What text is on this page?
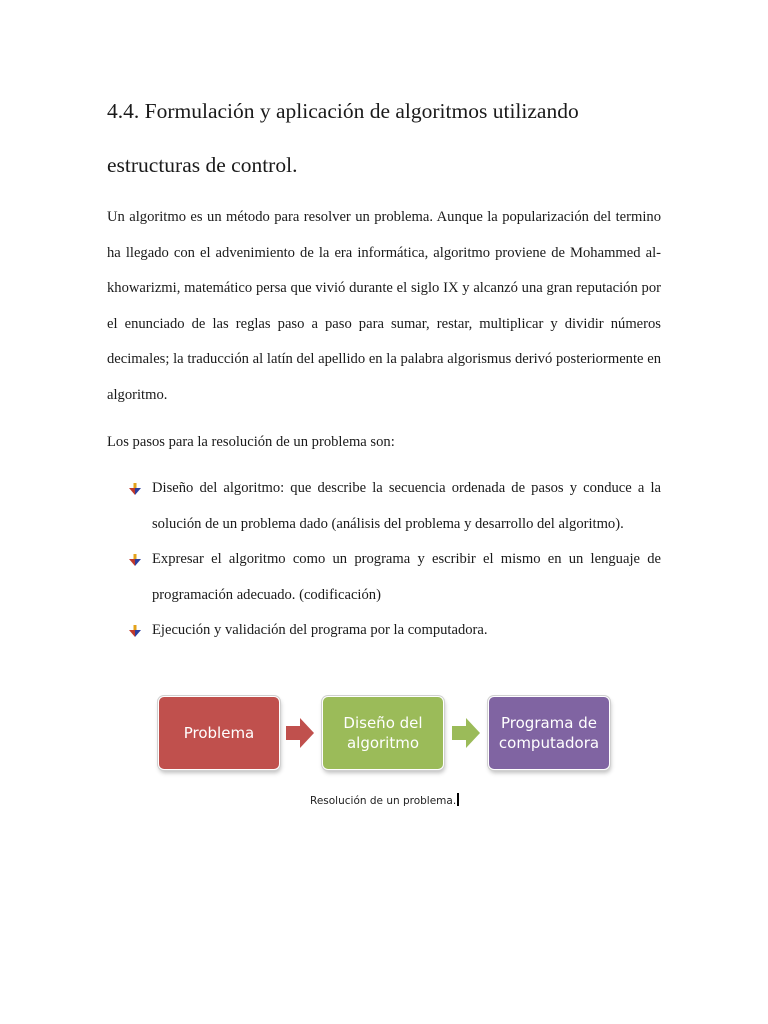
4.4. Formulación y aplicación de algoritmos utilizando estructuras de control.

Un algoritmo es un método para resolver un problema. Aunque la popularización del termino ha llegado con el advenimiento de la era informática, algoritmo proviene de Mohammed al-khowarizmi, matemático persa que vivió durante el siglo IX y alcanzó una gran reputación por el enunciado de las reglas paso a paso para sumar, restar, multiplicar y dividir números decimales; la traducción al latín del apellido en la palabra algorismus derivó posteriormente en algoritmo.

Los pasos para la resolución de un problema son:

Diseño del algoritmo: que describe la secuencia ordenada de pasos y conduce a la solución de un problema dado (análisis del problema y desarrollo del algoritmo).
Expresar el algoritmo como un programa y escribir el mismo en un lenguaje de programación adecuado. (codificación)
Ejecución y validación del programa por la computadora.
Problema
Diseño del algoritmo
Programa de computadora

Resolución de un problema.
